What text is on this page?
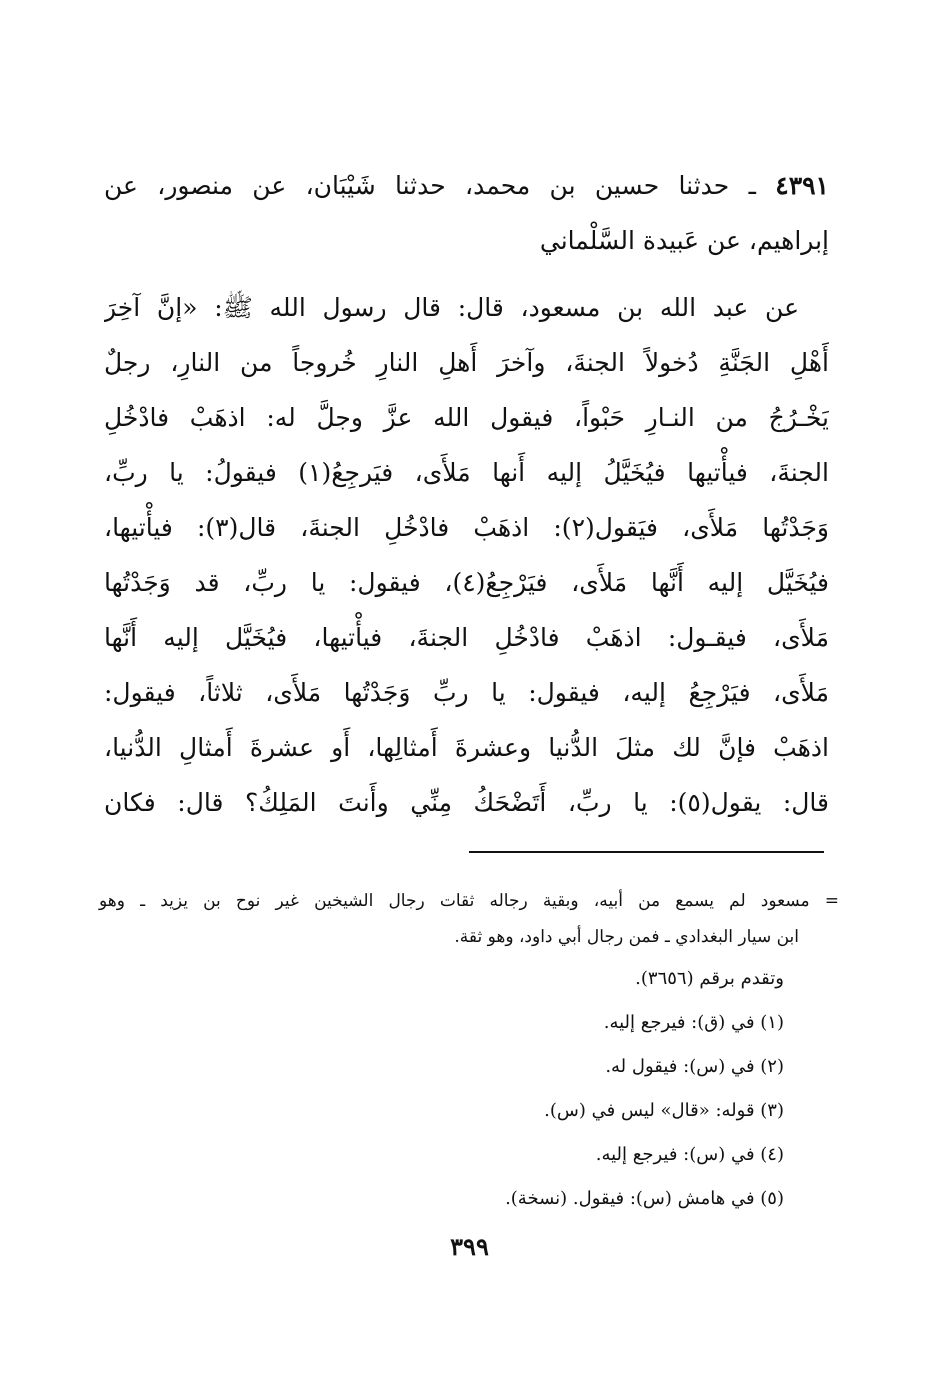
٤٣٩١ ـ حدثنا حسين بن محمد، حدثنا شَيْبَان، عن منصور، عن
إبراهيم، عن عَبيدة السَّلْماني
عن عبد الله بن مسعود، قال: قال رسول الله ﷺ: «إنَّ آخِرَ
أَهْلِ الجَنَّةِ دُخولاً الجنةَ، وآخرَ أَهلِ النارِ خُروجاً من النارِ، رجلٌ
يَخْـرُجُ من النـارِ حَبْواً، فيقول الله عزَّ وجلَّ له: اذهَبْ فادْخُلِ
الجنةَ، فيأْتيها فيُخَيَّلُ إليه أَنها مَلأَى، فيَرجِعُ(١) فيقولُ: يا ربِّ،
وَجَدْتُها مَلأَى، فيَقول(٢): اذهَبْ فادْخُلِ الجنةَ، قال(٣): فيأْتيها،
فيُخَيَّل إليه أَنَّها مَلأَى، فيَرْجِعُ(٤)، فيقول: يا ربِّ، قد وَجَدْتُها
مَلأَى، فيقـول: اذهَبْ فادْخُلِ الجنةَ، فيأْتيها، فيُخَيَّل إليه أَنَّها
مَلأَى، فيَرْجِعُ إليه، فيقول: يا ربِّ وَجَدْتُها مَلأَى، ثلاثاً، فيقول:
اذهَبْ فإنَّ لك مثلَ الدُّنيا وعشرةَ أَمثالِها، أَو عشرةَ أَمثالِ الدُّنيا،
قال: يقول(٥): يا ربِّ، أَتَضْحَكُ مِنِّي وأَنتَ المَلِكُ؟ قال: فكان
= مسعود لم يسمع من أبيه، وبقية رجاله ثقات رجال الشيخين غير نوح بن يزيد ـ وهو
ابن سيار البغدادي ـ فمن رجال أبي داود، وهو ثقة.
وتقدم برقم (٣٦٥٦).
(١) في (ق): فيرجع إليه.
(٢) في (س): فيقول له.
(٣) قوله: «قال» ليس في (س).
(٤) في (س): فيرجع إليه.
(٥) في هامش (س): فيقول. (نسخة).
٣٩٩
